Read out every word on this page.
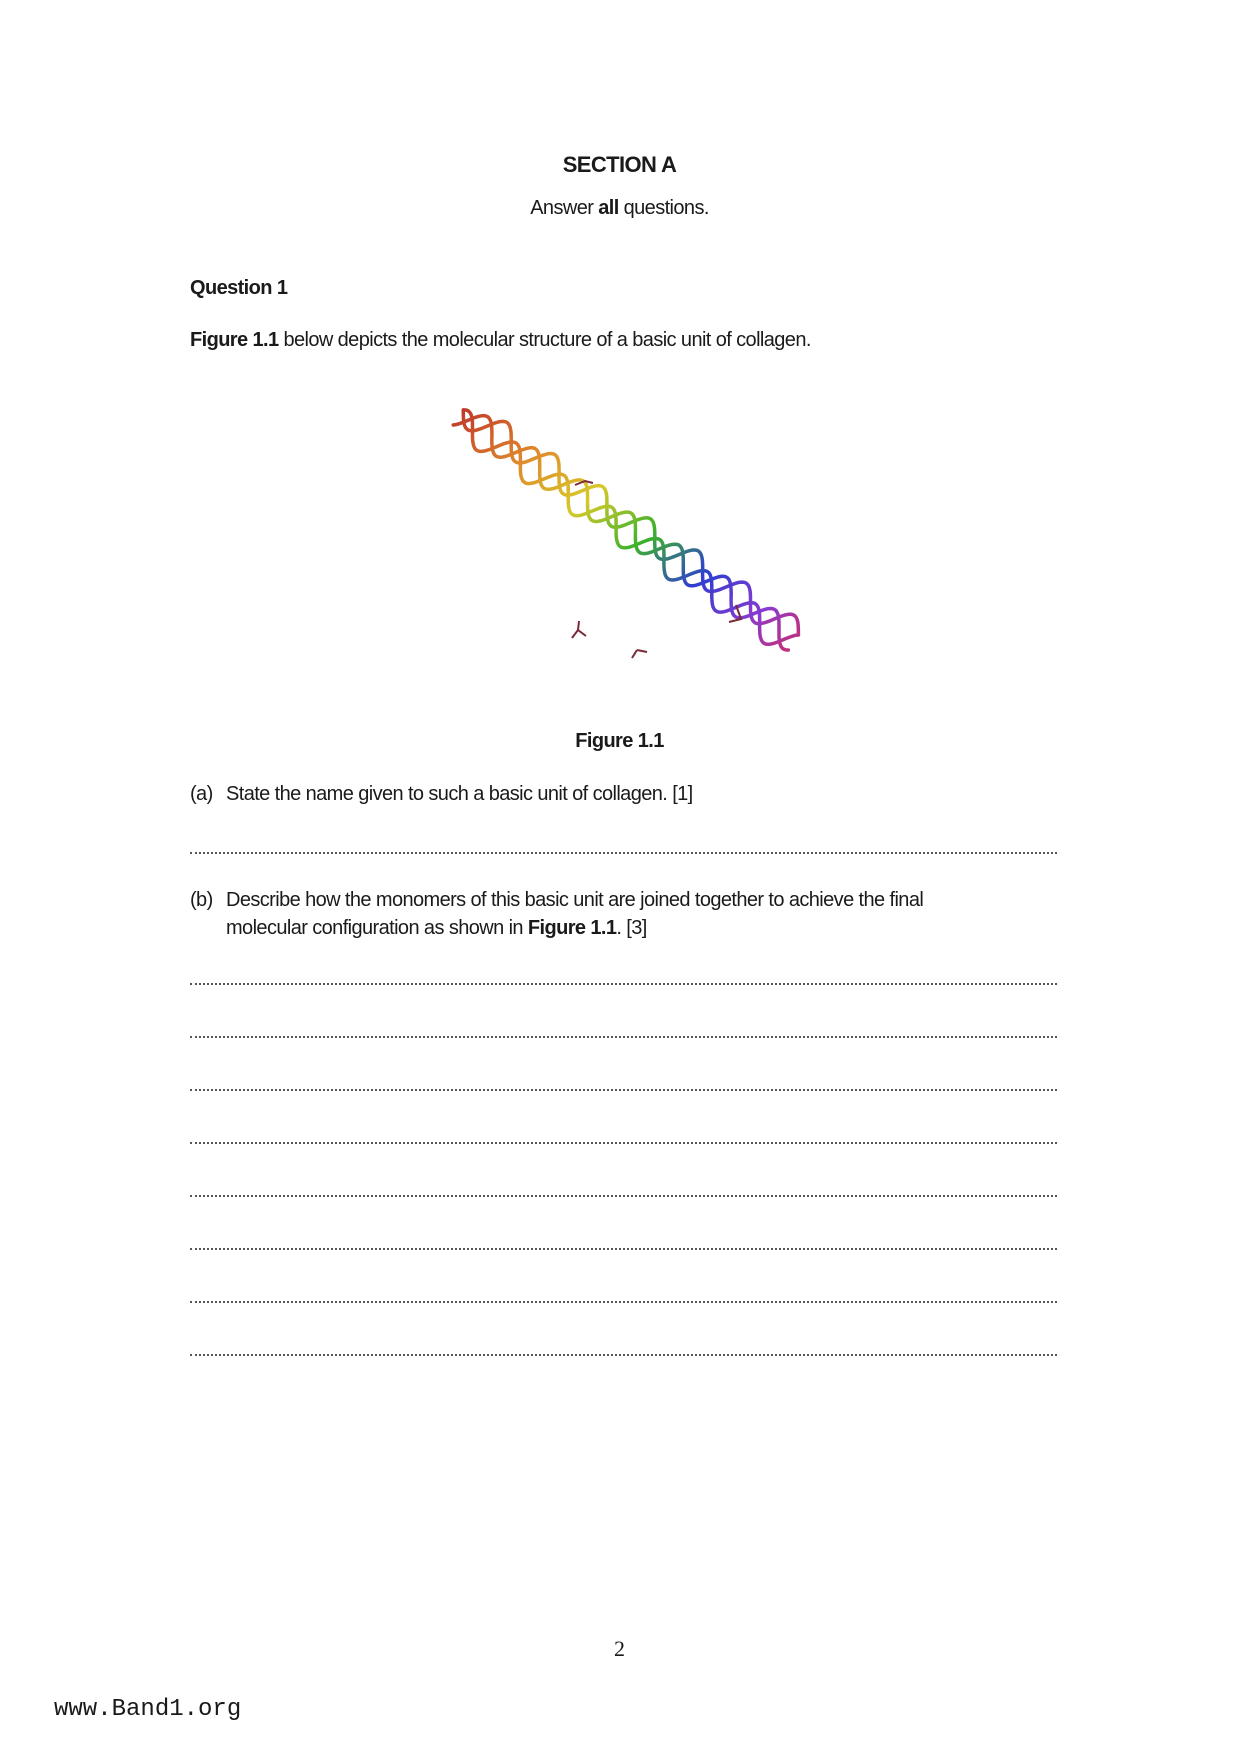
SECTION A
Answer all questions.
Question 1
Figure 1.1 below depicts the molecular structure of a basic unit of collagen.
Figure 1.1
(a) State the name given to such a basic unit of collagen. [1]
(b) Describe how the monomers of this basic unit are joined together to achieve the final
molecular configuration as shown in Figure 1.1. [3]
2
www.Band1.org
